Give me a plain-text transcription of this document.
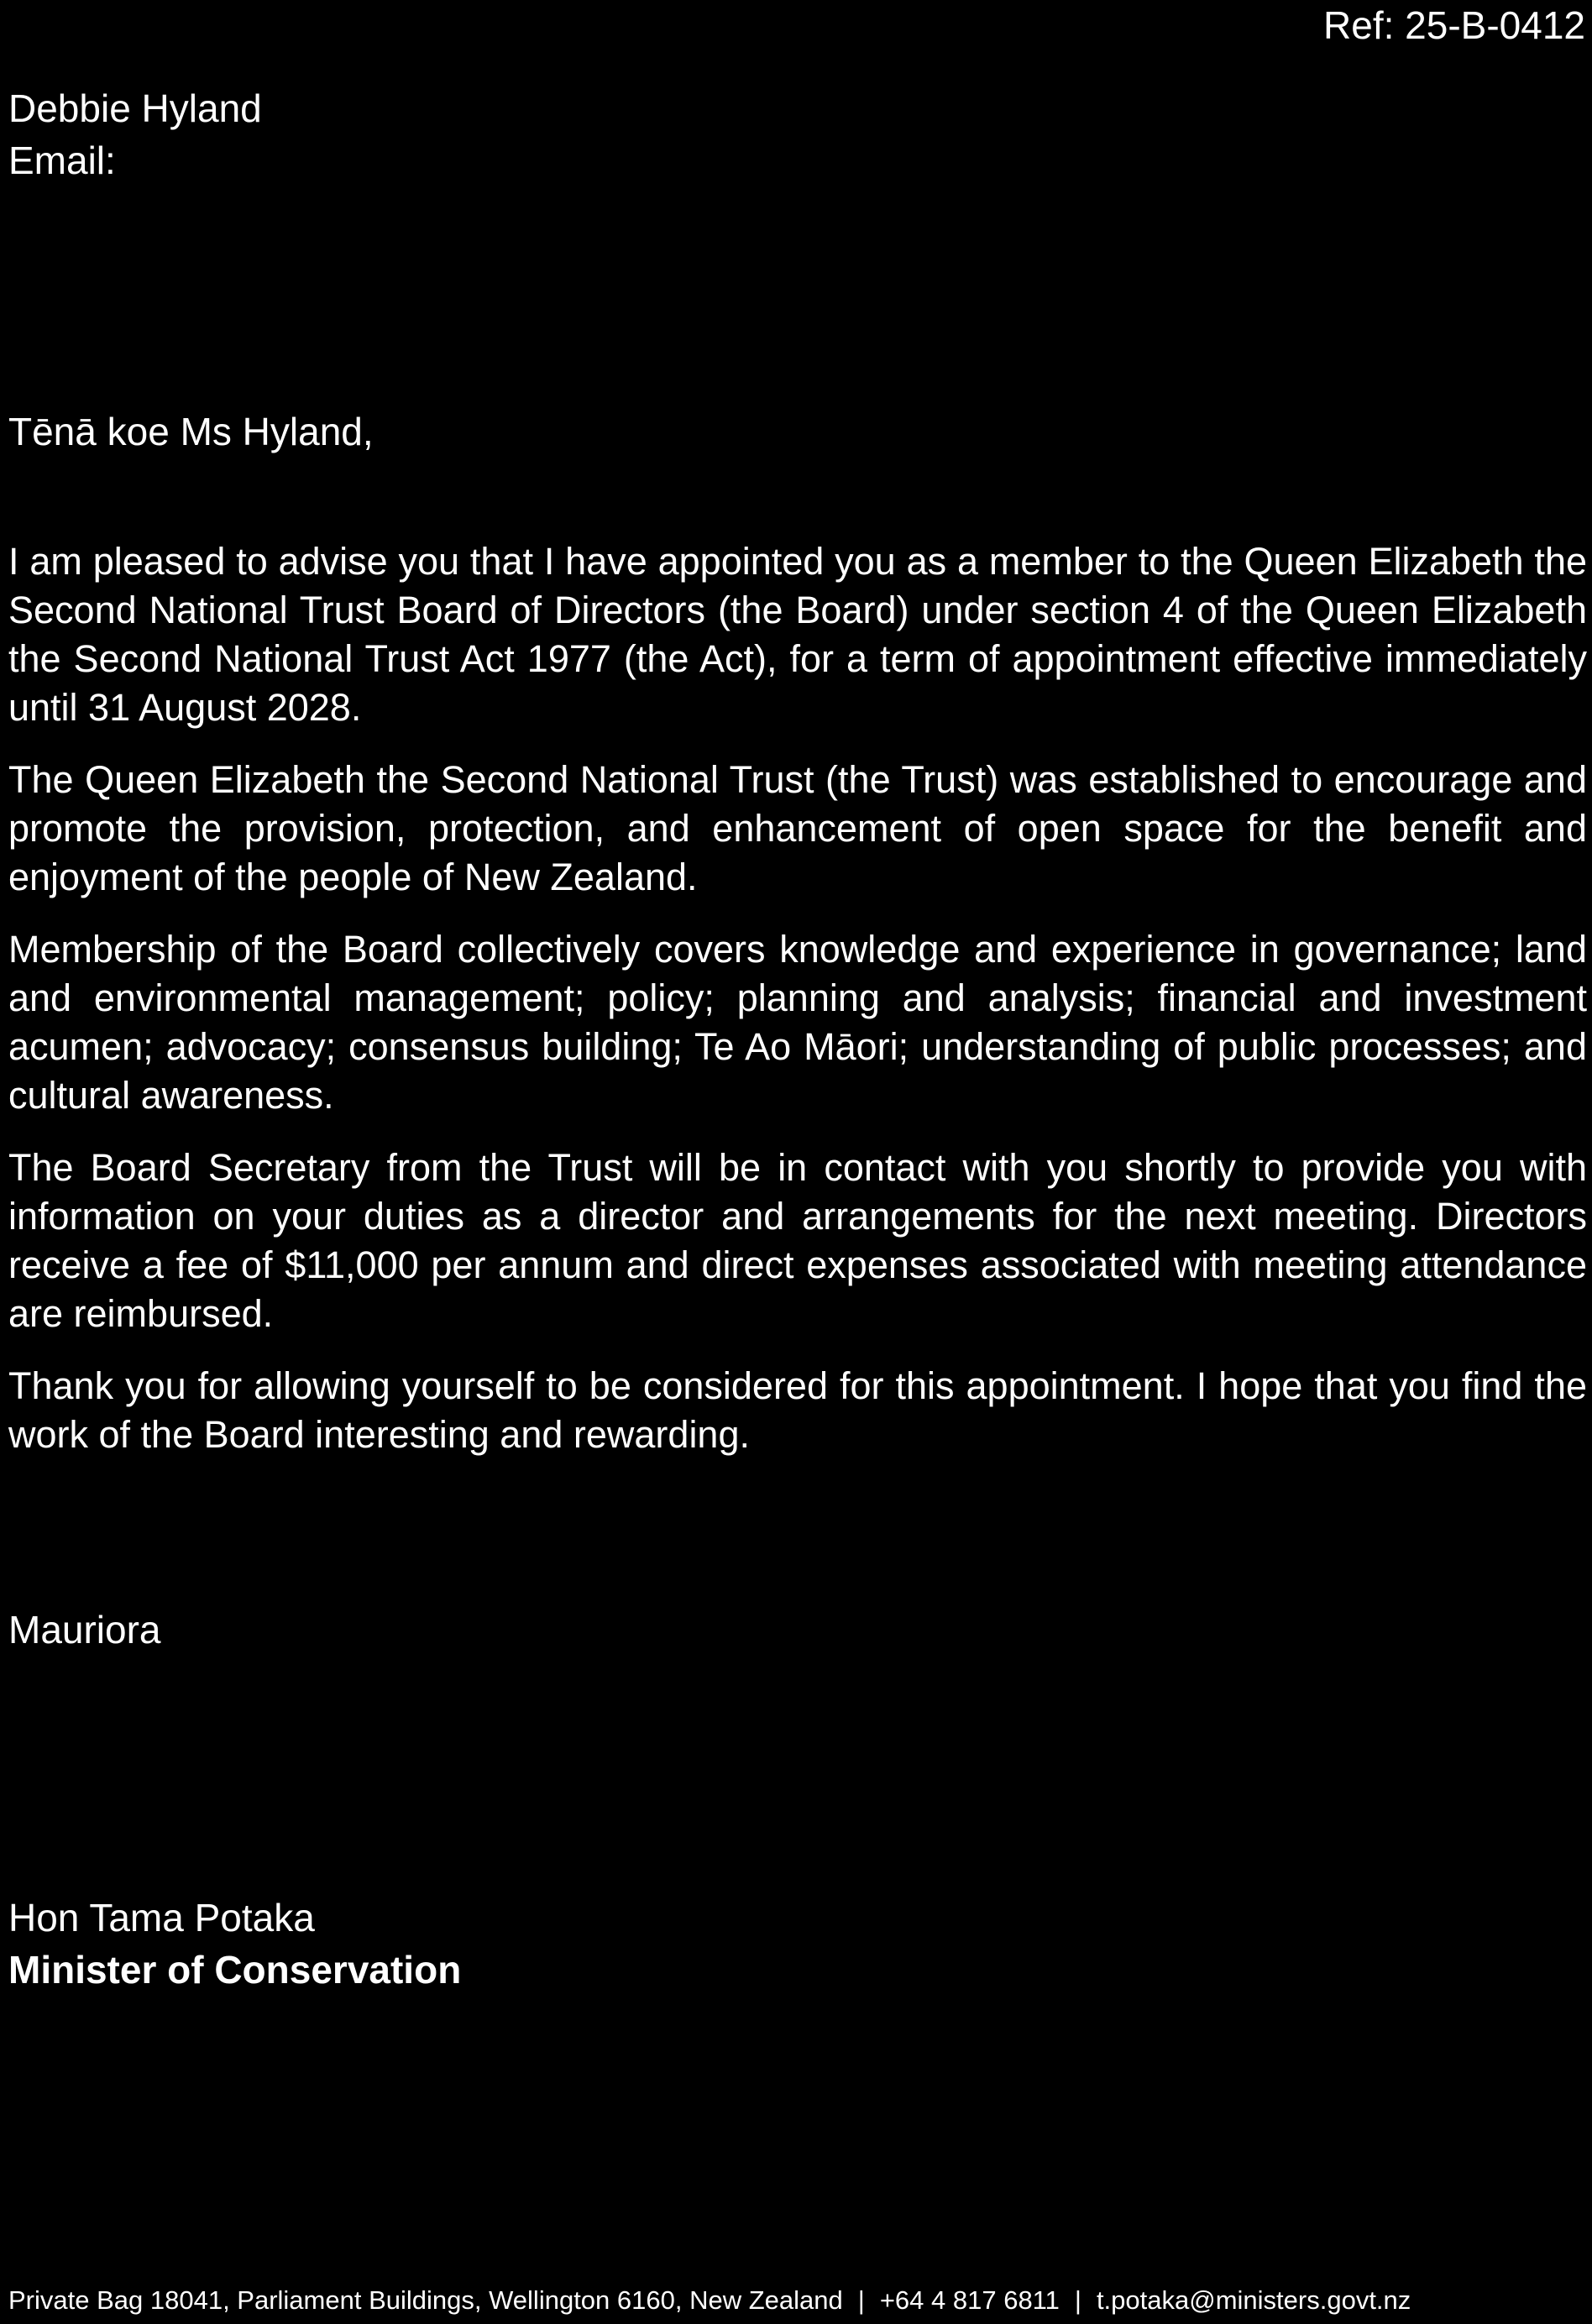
Ref: 25-B-0412
Debbie Hyland
Email:
Tēnā koe Ms Hyland,

I am pleased to advise you that I have appointed you as a member to the Queen Elizabeth the Second National Trust Board of Directors (the Board) under section 4 of the Queen Elizabeth the Second National Trust Act 1977 (the Act), for a term of appointment effective immediately until 31 August 2028.

The Queen Elizabeth the Second National Trust (the Trust) was established to encourage and promote the provision, protection, and enhancement of open space for the benefit and enjoyment of the people of New Zealand.

Membership of the Board collectively covers knowledge and experience in governance; land and environmental management; policy; planning and analysis; financial and investment acumen; advocacy; consensus building; Te Ao Māori; understanding of public processes; and cultural awareness.

The Board Secretary from the Trust will be in contact with you shortly to provide you with information on your duties as a director and arrangements for the next meeting. Directors receive a fee of $11,000 per annum and direct expenses associated with meeting attendance are reimbursed.

Thank you for allowing yourself to be considered for this appointment. I hope that you find the work of the Board interesting and rewarding.

Mauriora
Hon Tama Potaka
Minister of Conservation
Private Bag 18041, Parliament Buildings, Wellington 6160, New Zealand | +64 4 817 6811 | t.potaka@ministers.govt.nz
